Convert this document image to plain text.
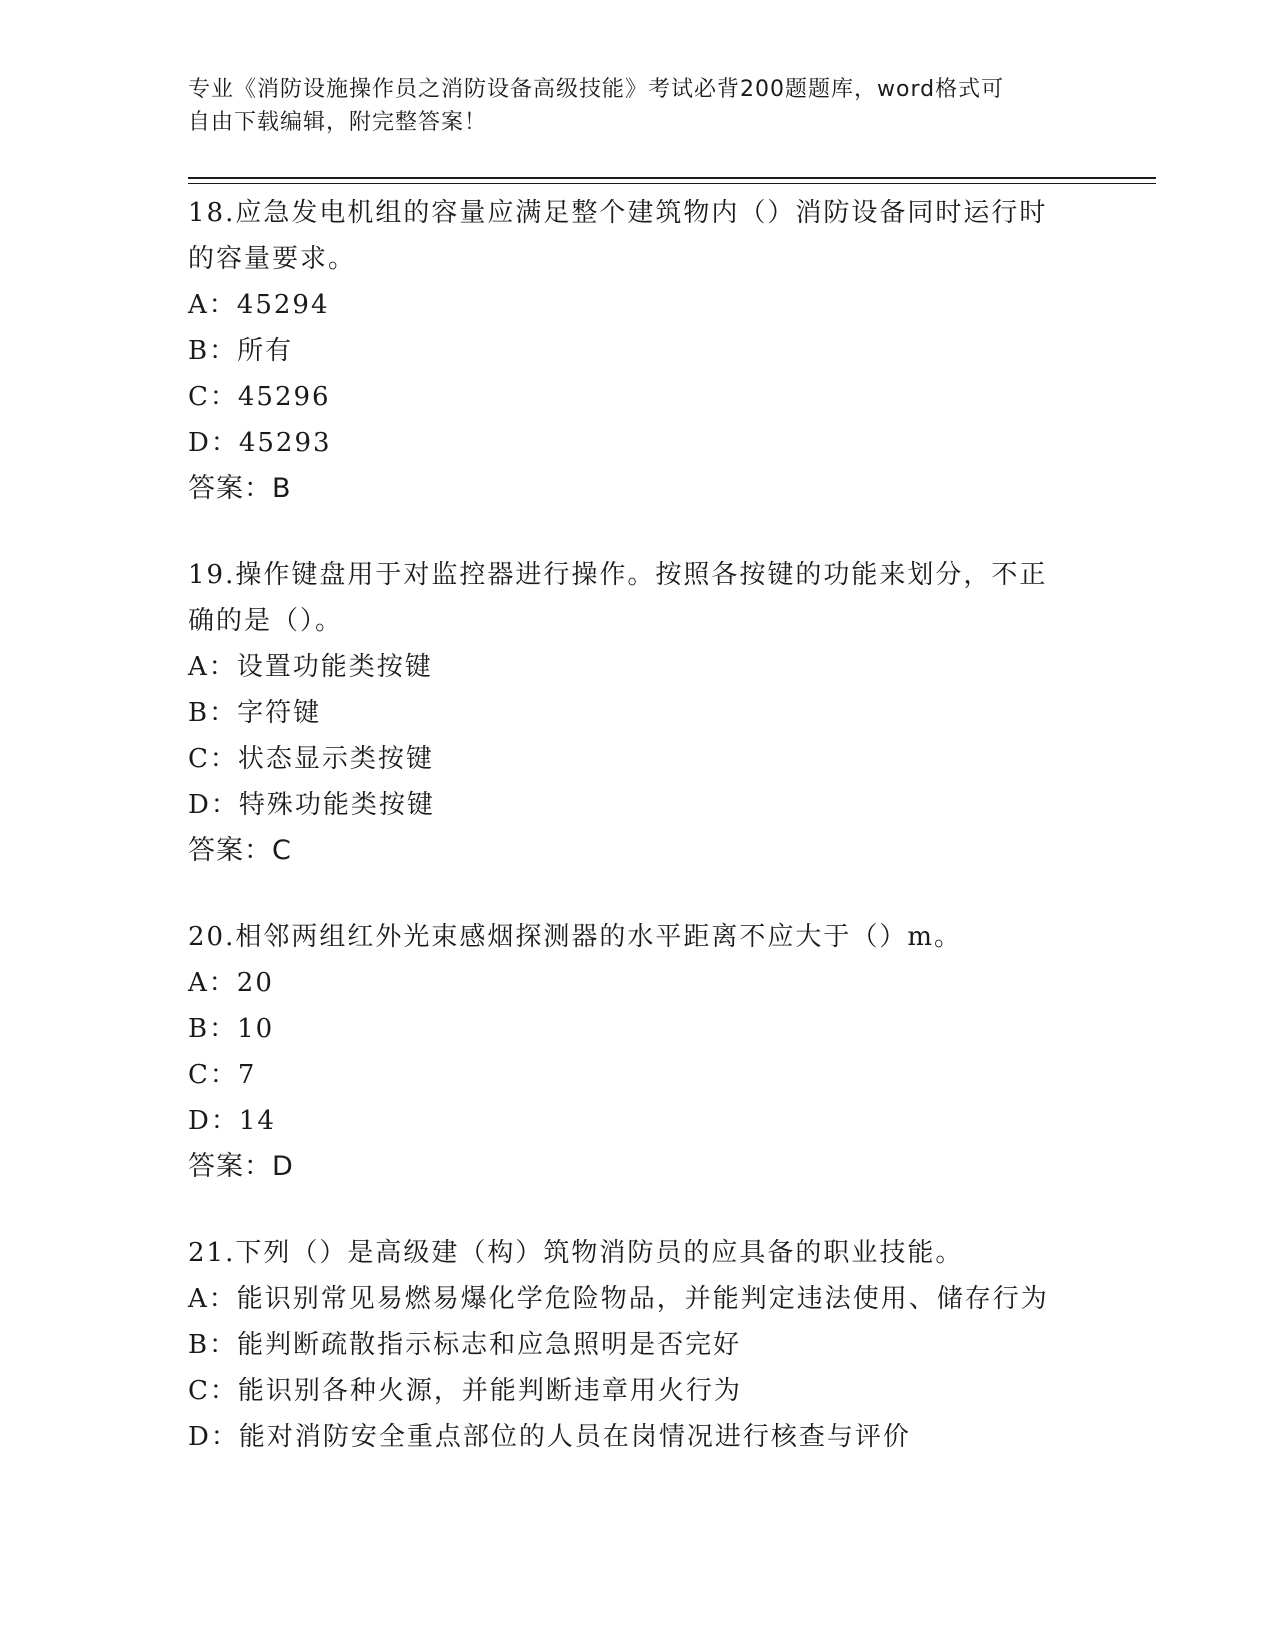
专业《消防设施操作员之消防设备高级技能》考试必背200题题库，word格式可
自由下载编辑，附完整答案！
18.应急发电机组的容量应满足整个建筑物内（）消防设备同时运行时的容量要求。
A：45294
B：所有
C：45296
D：45293
答案：B
19.操作键盘用于对监控器进行操作。按照各按键的功能来划分，不正确的是（）。
A：设置功能类按键
B：字符键
C：状态显示类按键
D：特殊功能类按键
答案：C
20.相邻两组红外光束感烟探测器的水平距离不应大于（）m。
A：20
B：10
C：7
D：14
答案：D
21.下列（）是高级建（构）筑物消防员的应具备的职业技能。
A：能识别常见易燃易爆化学危险物品，并能判定违法使用、储存行为
B：能判断疏散指示标志和应急照明是否完好
C：能识别各种火源，并能判断违章用火行为
D：能对消防安全重点部位的人员在岗情况进行核查与评价
